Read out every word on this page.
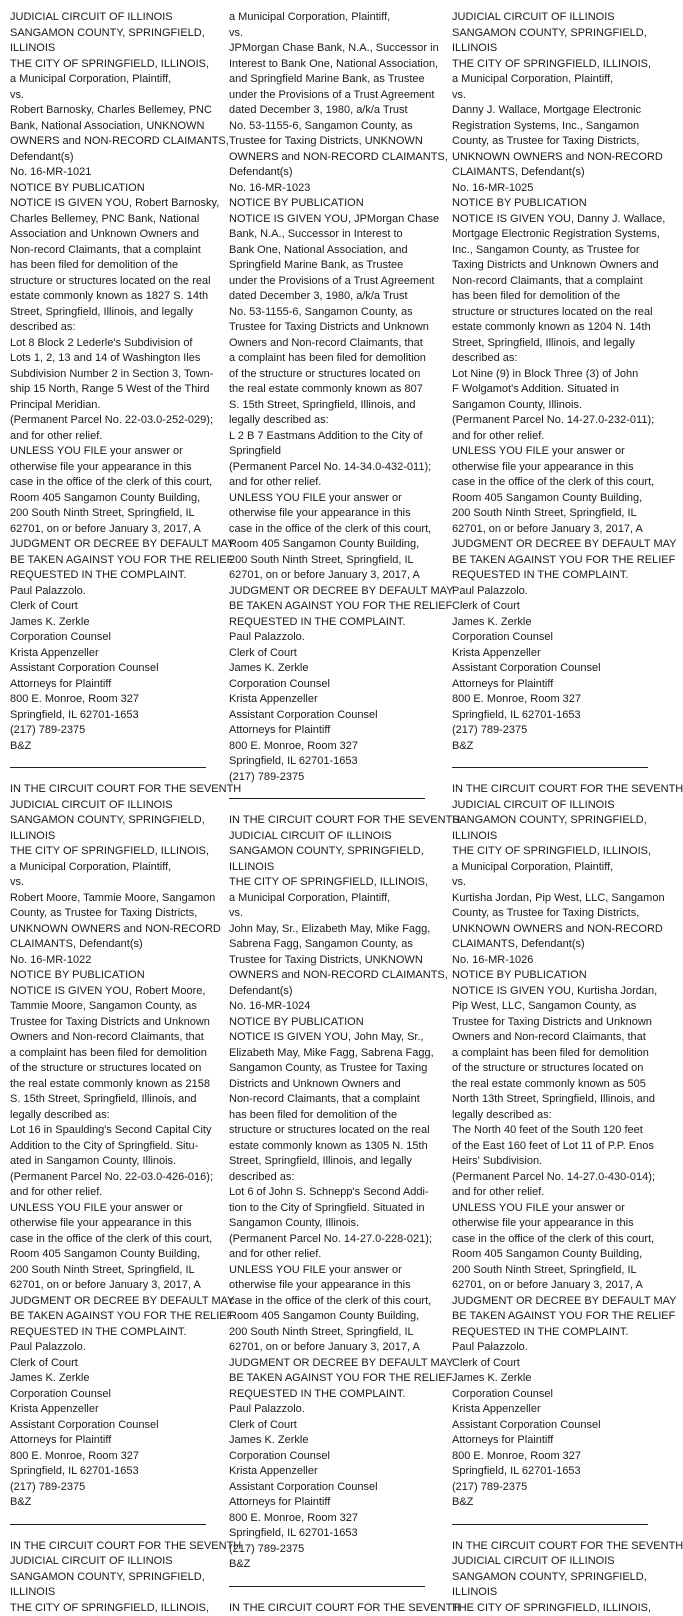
JUDICIAL CIRCUIT OF ILLINOIS
SANGAMON COUNTY, SPRINGFIELD,
ILLINOIS
THE CITY OF SPRINGFIELD, ILLINOIS,
a Municipal Corporation, Plaintiff,
vs.
Robert Barnosky, Charles Bellemey, PNC
Bank, National Association, UNKNOWN
OWNERS and NON-RECORD CLAIMANTS,
Defendant(s)
No. 16-MR-1021
NOTICE BY PUBLICATION
NOTICE IS GIVEN YOU, Robert Barnosky,
Charles Bellemey, PNC Bank, National
Association and Unknown Owners and
Non-record Claimants, that a complaint
has been filed for demolition of the
structure or structures located on the real
estate commonly known as 1827 S. 14th
Street, Springfield, Illinois, and legally
described as:
Lot 8 Block 2 Lederle's Subdivision of
Lots 1, 2, 13 and 14 of Washington Iles
Subdivision Number 2 in Section 3, Town-
ship 15 North, Range 5 West of the Third
Principal Meridian.
(Permanent Parcel No. 22-03.0-252-029);
and for other relief.
UNLESS YOU FILE your answer or
otherwise file your appearance in this
case in the office of the clerk of this court,
Room 405 Sangamon County Building,
200 South Ninth Street, Springfield, IL
62701, on or before January 3, 2017, A
JUDGMENT OR DECREE BY DEFAULT MAY
BE TAKEN AGAINST YOU FOR THE RELIEF
REQUESTED IN THE COMPLAINT.
Paul Palazzolo.
Clerk of Court
James K. Zerkle
Corporation Counsel
Krista Appenzeller
Assistant Corporation Counsel
Attorneys for Plaintiff
800 E. Monroe, Room 327
Springfield, IL 62701-1653
(217) 789-2375
B&Z
IN THE CIRCUIT COURT FOR THE SEVENTH
JUDICIAL CIRCUIT OF ILLINOIS
SANGAMON COUNTY, SPRINGFIELD,
ILLINOIS
THE CITY OF SPRINGFIELD, ILLINOIS,
a Municipal Corporation, Plaintiff,
vs.
Robert Moore, Tammie Moore, Sangamon
County, as Trustee for Taxing Districts,
UNKNOWN OWNERS and NON-RECORD
CLAIMANTS, Defendant(s)
No. 16-MR-1022
NOTICE BY PUBLICATION
NOTICE IS GIVEN YOU, Robert Moore,
Tammie Moore, Sangamon County, as
Trustee for Taxing Districts and Unknown
Owners and Non-record Claimants, that
a complaint has been filed for demolition
of the structure or structures located on
the real estate commonly known as 2158
S. 15th Street, Springfield, Illinois, and
legally described as:
Lot 16 in Spaulding's Second Capital City
Addition to the City of Springfield. Situ-
ated in Sangamon County, Illinois.
(Permanent Parcel No. 22-03.0-426-016);
and for other relief.
UNLESS YOU FILE your answer or
otherwise file your appearance in this
case in the office of the clerk of this court,
Room 405 Sangamon County Building,
200 South Ninth Street, Springfield, IL
62701, on or before January 3, 2017, A
JUDGMENT OR DECREE BY DEFAULT MAY
BE TAKEN AGAINST YOU FOR THE RELIEF
REQUESTED IN THE COMPLAINT.
Paul Palazzolo.
Clerk of Court
James K. Zerkle
Corporation Counsel
Krista Appenzeller
Assistant Corporation Counsel
Attorneys for Plaintiff
800 E. Monroe, Room 327
Springfield, IL 62701-1653
(217) 789-2375
B&Z
IN THE CIRCUIT COURT FOR THE SEVENTH
JUDICIAL CIRCUIT OF ILLINOIS
SANGAMON COUNTY, SPRINGFIELD,
ILLINOIS
THE CITY OF SPRINGFIELD, ILLINOIS,
a Municipal Corporation, Plaintiff,
vs.
JPMorgan Chase Bank, N.A., Successor in
Interest to Bank One, National Association,
and Springfield Marine Bank, as Trustee
under the Provisions of a Trust Agreement
dated December 3, 1980, a/k/a Trust
No. 53-1155-6, Sangamon County, as
Trustee for Taxing Districts, UNKNOWN
OWNERS and NON-RECORD CLAIMANTS,
Defendant(s)
No. 16-MR-1023
NOTICE BY PUBLICATION
NOTICE IS GIVEN YOU, JPMorgan Chase
Bank, N.A., Successor in Interest to
Bank One, National Association, and
Springfield Marine Bank, as Trustee
under the Provisions of a Trust Agreement
dated December 3, 1980, a/k/a Trust
No. 53-1155-6, Sangamon County, as
Trustee for Taxing Districts and Unknown
Owners and Non-record Claimants, that
a complaint has been filed for demolition
of the structure or structures located on
the real estate commonly known as 807
S. 15th Street, Springfield, Illinois, and
legally described as:
L 2 B 7 Eastmans Addition to the City of
Springfield
(Permanent Parcel No. 14-34.0-432-011);
and for other relief.
UNLESS YOU FILE your answer or
otherwise file your appearance in this
case in the office of the clerk of this court,
Room 405 Sangamon County Building,
200 South Ninth Street, Springfield, IL
62701, on or before January 3, 2017, A
JUDGMENT OR DECREE BY DEFAULT MAY
BE TAKEN AGAINST YOU FOR THE RELIEF
REQUESTED IN THE COMPLAINT.
Paul Palazzolo.
Clerk of Court
James K. Zerkle
Corporation Counsel
Krista Appenzeller
Assistant Corporation Counsel
Attorneys for Plaintiff
800 E. Monroe, Room 327
Springfield, IL 62701-1653
(217) 789-2375
IN THE CIRCUIT COURT FOR THE SEVENTH
JUDICIAL CIRCUIT OF ILLINOIS
SANGAMON COUNTY, SPRINGFIELD,
ILLINOIS
THE CITY OF SPRINGFIELD, ILLINOIS,
a Municipal Corporation, Plaintiff,
vs.
John May, Sr., Elizabeth May, Mike Fagg,
Sabrena Fagg, Sangamon County, as
Trustee for Taxing Districts, UNKNOWN
OWNERS and NON-RECORD CLAIMANTS,
Defendant(s)
No. 16-MR-1024
NOTICE BY PUBLICATION
NOTICE IS GIVEN YOU, John May, Sr.,
Elizabeth May, Mike Fagg, Sabrena Fagg,
Sangamon County, as Trustee for Taxing
Districts and Unknown Owners and
Non-record Claimants, that a complaint
has been filed for demolition of the
structure or structures located on the real
estate commonly known as 1305 N. 15th
Street, Springfield, Illinois, and legally
described as:
Lot 6 of John S. Schnepp's Second Addi-
tion to the City of Springfield. Situated in
Sangamon County, Illinois.
(Permanent Parcel No. 14-27.0-228-021);
and for other relief.
UNLESS YOU FILE your answer or
otherwise file your appearance in this
case in the office of the clerk of this court,
Room 405 Sangamon County Building,
200 South Ninth Street, Springfield, IL
62701, on or before January 3, 2017, A
JUDGMENT OR DECREE BY DEFAULT MAY
BE TAKEN AGAINST YOU FOR THE RELIEF
REQUESTED IN THE COMPLAINT.
Paul Palazzolo.
Clerk of Court
James K. Zerkle
Corporation Counsel
Krista Appenzeller
Assistant Corporation Counsel
Attorneys for Plaintiff
800 E. Monroe, Room 327
Springfield, IL 62701-1653
(217) 789-2375
B&Z
IN THE CIRCUIT COURT FOR THE SEVENTH
JUDICIAL CIRCUIT OF ILLINOIS
SANGAMON COUNTY, SPRINGFIELD,
ILLINOIS
THE CITY OF SPRINGFIELD, ILLINOIS,
a Municipal Corporation, Plaintiff,
vs.
Danny J. Wallace, Mortgage Electronic
Registration Systems, Inc., Sangamon
County, as Trustee for Taxing Districts,
UNKNOWN OWNERS and NON-RECORD
CLAIMANTS, Defendant(s)
No. 16-MR-1025
NOTICE BY PUBLICATION
NOTICE IS GIVEN YOU, Danny J. Wallace,
Mortgage Electronic Registration Systems,
Inc., Sangamon County, as Trustee for
Taxing Districts and Unknown Owners and
Non-record Claimants, that a complaint
has been filed for demolition of the
structure or structures located on the real
estate commonly known as 1204 N. 14th
Street, Springfield, Illinois, and legally
described as:
Lot Nine (9) in Block Three (3) of John
F Wolgamot's Addition. Situated in
Sangamon County, Illinois.
(Permanent Parcel No. 14-27.0-232-011);
and for other relief.
UNLESS YOU FILE your answer or
otherwise file your appearance in this
case in the office of the clerk of this court,
Room 405 Sangamon County Building,
200 South Ninth Street, Springfield, IL
62701, on or before January 3, 2017, A
JUDGMENT OR DECREE BY DEFAULT MAY
BE TAKEN AGAINST YOU FOR THE RELIEF
REQUESTED IN THE COMPLAINT.
Paul Palazzolo.
Clerk of Court
James K. Zerkle
Corporation Counsel
Krista Appenzeller
Assistant Corporation Counsel
Attorneys for Plaintiff
800 E. Monroe, Room 327
Springfield, IL 62701-1653
(217) 789-2375
B&Z
IN THE CIRCUIT COURT FOR THE SEVENTH
JUDICIAL CIRCUIT OF ILLINOIS
SANGAMON COUNTY, SPRINGFIELD,
ILLINOIS
THE CITY OF SPRINGFIELD, ILLINOIS,
a Municipal Corporation, Plaintiff,
vs.
Kurtisha Jordan, Pip West, LLC, Sangamon
County, as Trustee for Taxing Districts,
UNKNOWN OWNERS and NON-RECORD
CLAIMANTS, Defendant(s)
No. 16-MR-1026
NOTICE BY PUBLICATION
NOTICE IS GIVEN YOU, Kurtisha Jordan,
Pip West, LLC, Sangamon County, as
Trustee for Taxing Districts and Unknown
Owners and Non-record Claimants, that
a complaint has been filed for demolition
of the structure or structures located on
the real estate commonly known as 505
North 13th Street, Springfield, Illinois, and
legally described as:
The North 40 feet of the South 120 feet
of the East 160 feet of Lot 11 of P.P. Enos
Heirs' Subdivision.
(Permanent Parcel No. 14-27.0-430-014);
and for other relief.
UNLESS YOU FILE your answer or
otherwise file your appearance in this
case in the office of the clerk of this court,
Room 405 Sangamon County Building,
200 South Ninth Street, Springfield, IL
62701, on or before January 3, 2017, A
JUDGMENT OR DECREE BY DEFAULT MAY
BE TAKEN AGAINST YOU FOR THE RELIEF
REQUESTED IN THE COMPLAINT.
Paul Palazzolo.
Clerk of Court
James K. Zerkle
Corporation Counsel
Krista Appenzeller
Assistant Corporation Counsel
Attorneys for Plaintiff
800 E. Monroe, Room 327
Springfield, IL 62701-1653
(217) 789-2375
B&Z
IN THE CIRCUIT COURT FOR THE SEVENTH
JUDICIAL CIRCUIT OF ILLINOIS
SANGAMON COUNTY, SPRINGFIELD,
ILLINOIS
THE CITY OF SPRINGFIELD, ILLINOIS,
